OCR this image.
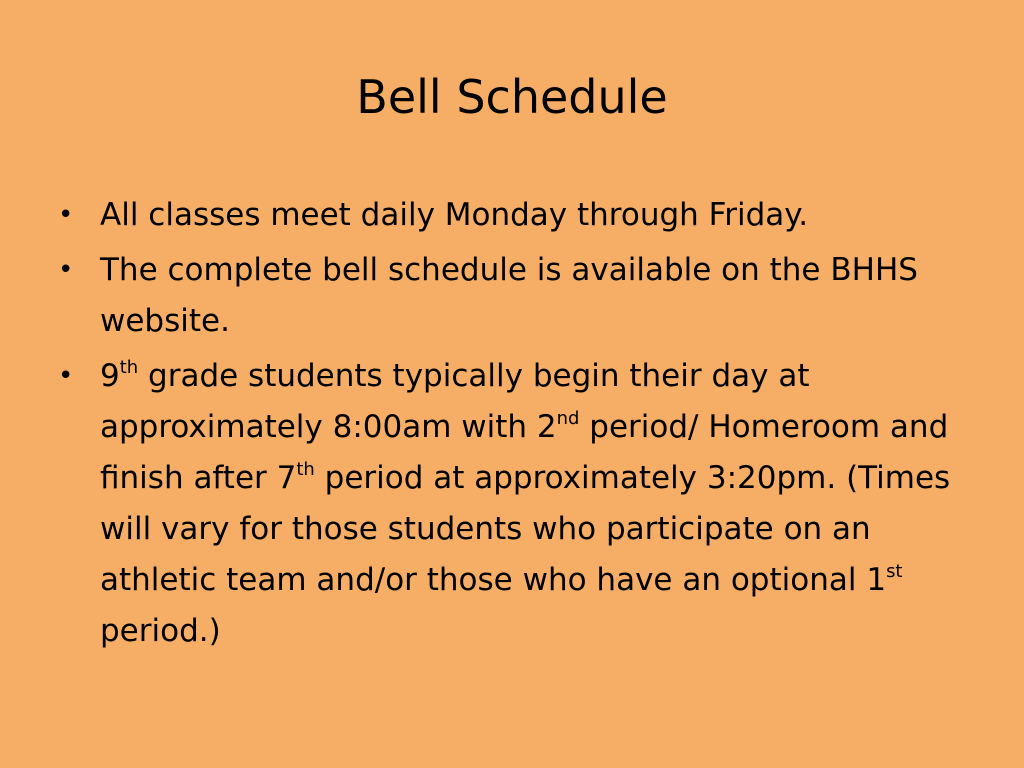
Bell Schedule
• All classes meet daily Monday through Friday.
• The complete bell schedule is available on the BHHS website.
• 9th grade students typically begin their day at approximately 8:00am with 2nd period/ Homeroom and finish after 7th period at approximately 3:20pm. (Times will vary for those students who participate on an athletic team and/or those who have an optional 1st period.)
